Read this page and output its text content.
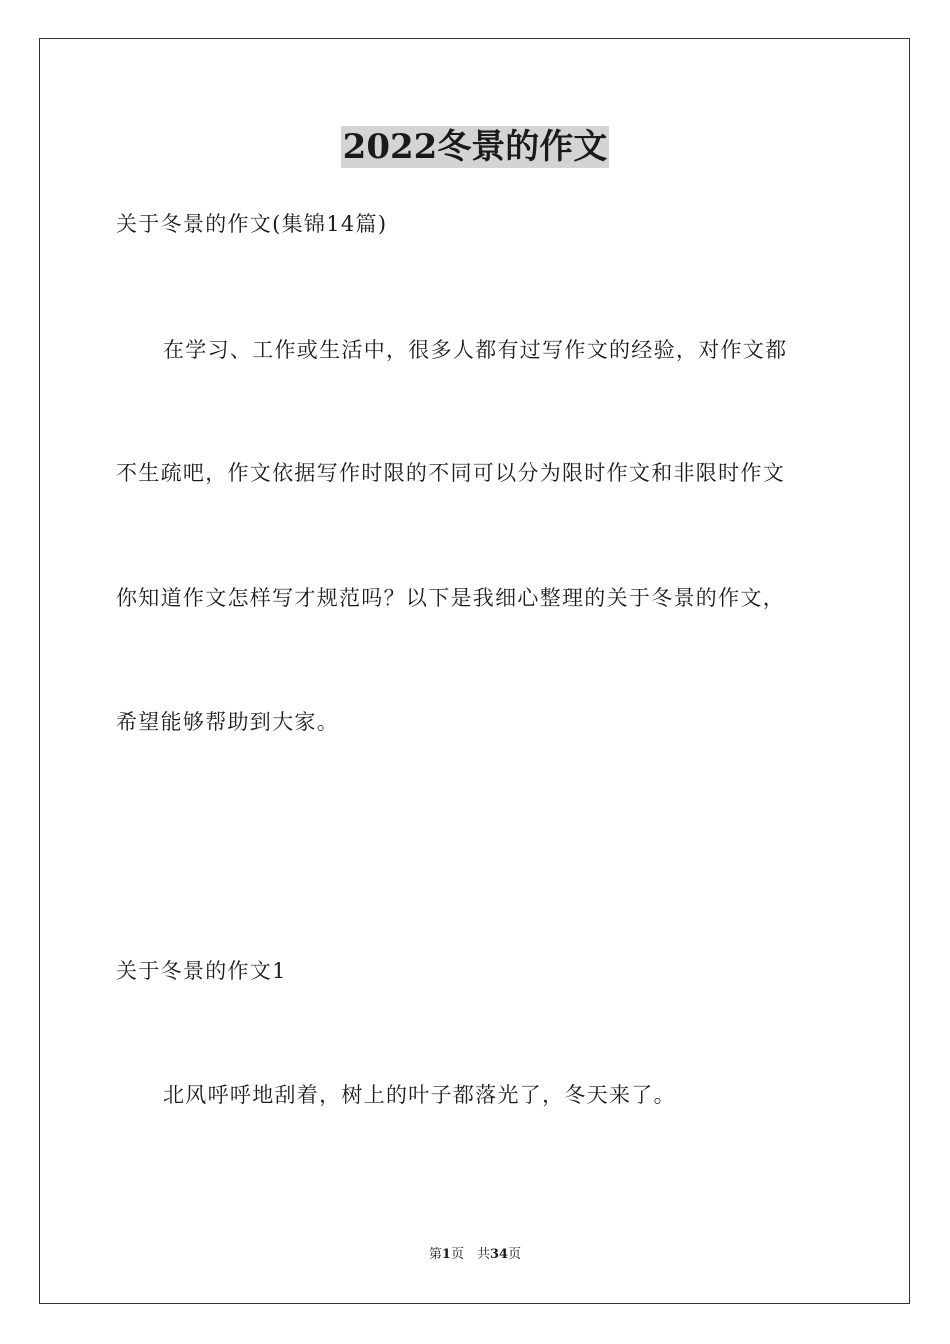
2022冬景的作文
关于冬景的作文(集锦14篇)
在学习、工作或生活中，很多人都有过写作文的经验，对作文都
不生疏吧，作文依据写作时限的不同可以分为限时作文和非限时作文
你知道作文怎样写才规范吗？以下是我细心整理的关于冬景的作文，
希望能够帮助到大家。
关于冬景的作文1
北风呼呼地刮着，树上的叶子都落光了，冬天来了。
第1页　共34页
